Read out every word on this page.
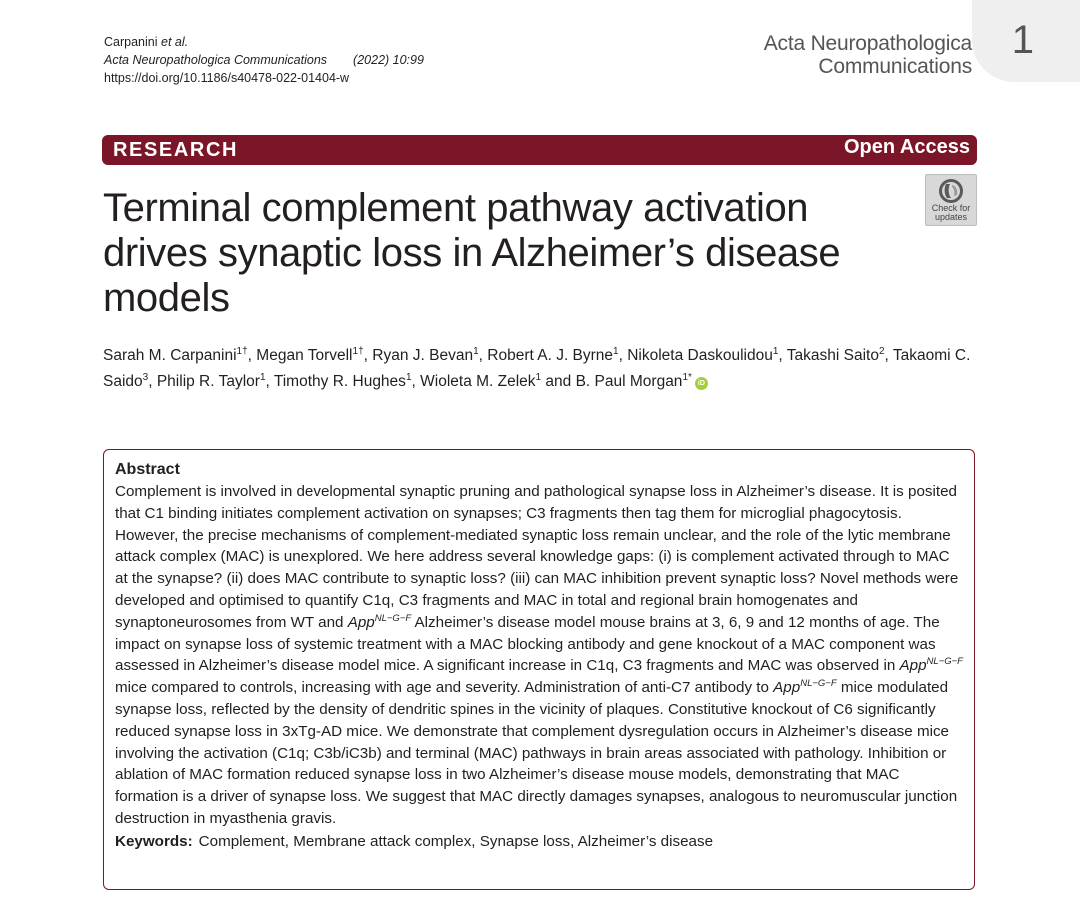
1
Carpanini et al.
Acta Neuropathologica Communications (2022) 10:99
https://doi.org/10.1186/s40478-022-01404-w
Acta Neuropathologica
Communications
RESEARCH	Open Access
Check for
updates
Terminal complement pathway activation drives synaptic loss in Alzheimer’s disease models
Sarah M. Carpanini$^{1\dagger}$, Megan Torvell$^{1\dagger}$, Ryan J. Bevan$^1$, Robert A. J. Byrne$^1$, Nikoleta Daskoulidou$^1$, Takashi Saito$^2$, Takaomi C. Saido$^3$, Philip R. Taylor$^1$, Timothy R. Hughes$^1$, Wioleta M. Zelek$^1$ and B. Paul Morgan$^{1*}$iD
Abstract

Complement is involved in developmental synaptic pruning and pathological synapse loss in Alzheimer’s disease. It is posited that C1 binding initiates complement activation on synapses; C3 fragments then tag them for microglial phagocytosis. However, the precise mechanisms of complement-mediated synaptic loss remain unclear, and the role of the lytic membrane attack complex (MAC) is unexplored. We here address several knowledge gaps: (i) is complement activated through to MAC at the synapse? (ii) does MAC contribute to synaptic loss? (iii) can MAC inhibition prevent synaptic loss? Novel methods were developed and optimised to quantify C1q, C3 fragments and MAC in total and regional brain homogenates and synaptoneurosomes from WT and App$^{NL-G-F}$ Alzheimer’s disease model mouse brains at 3, 6, 9 and 12 months of age. The impact on synapse loss of systemic treatment with a MAC blocking antibody and gene knockout of a MAC component was assessed in Alzheimer’s disease model mice. A significant increase in C1q, C3 fragments and MAC was observed in App$^{NL-G-F}$ mice compared to controls, increasing with age and severity. Administration of anti-C7 antibody to App$^{NL-G-F}$ mice modulated synapse loss, reflected by the density of dendritic spines in the vicinity of plaques. Constitutive knockout of C6 significantly reduced synapse loss in 3xTg-AD mice. We demonstrate that complement dysregulation occurs in Alzheimer’s disease mice involving the activation (C1q; C3b/iC3b) and terminal (MAC) pathways in brain areas associated with pathology. Inhibition or ablation of MAC formation reduced synapse loss in two Alzheimer’s disease mouse models, demonstrating that MAC formation is a driver of synapse loss. We suggest that MAC directly damages synapses, analogous to neuromuscular junction destruction in myasthenia gravis.

Keywords: Complement, Membrane attack complex, Synapse loss, Alzheimer’s disease
